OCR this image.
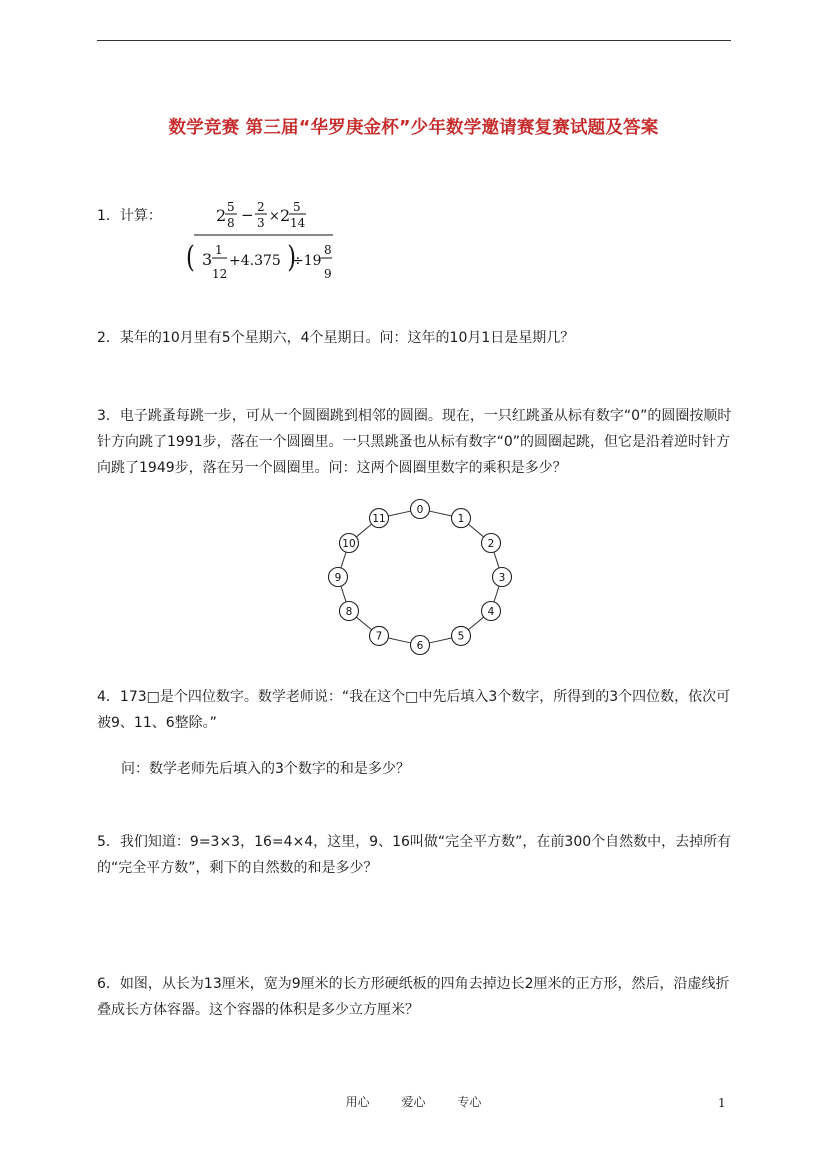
数学竞赛 第三届“华罗庚金杯”少年数学邀请赛复赛试题及答案

1．计算：	2 5
8 − 2
3 × 2 5
14
( 3 1
12
+4.375 )
÷19
8
9

2．某年的10月里有5个星期六，4个星期日。问：这年的10月1日是星期几？

3．电子跳蚤每跳一步，可从一个圆圈跳到相邻的圆圈。现在，一只红跳蚤从标有数字“0”的圆圈按顺时针方向跳了1991步，落在一个圆圈里。一只黑跳蚤也从标有数字“0”的圆圈起跳，但它是沿着逆时针方向跳了1949步，落在另一个圆圈里。问：这两个圆圈里数字的乘积是多少？

0
1
2
3
4
5
6
7
8
9
10
11

4．173□是个四位数字。数学老师说：“我在这个□中先后填入3个数字，所得到的3个四位数，依次可被9、11、6整除。”

问：数学老师先后填入的3个数字的和是多少？

5．我们知道：9=3×3，16=4×4，这里，9、16叫做“完全平方数”，在前300个自然数中，去掉所有的“完全平方数”，剩下的自然数的和是多少？

6．如图，从长为13厘米，宽为9厘米的长方形硬纸板的四角去掉边长2厘米的正方形，然后，沿虚线折叠成长方体容器。这个容器的体积是多少立方厘米？

用心	爱心	专心	1
